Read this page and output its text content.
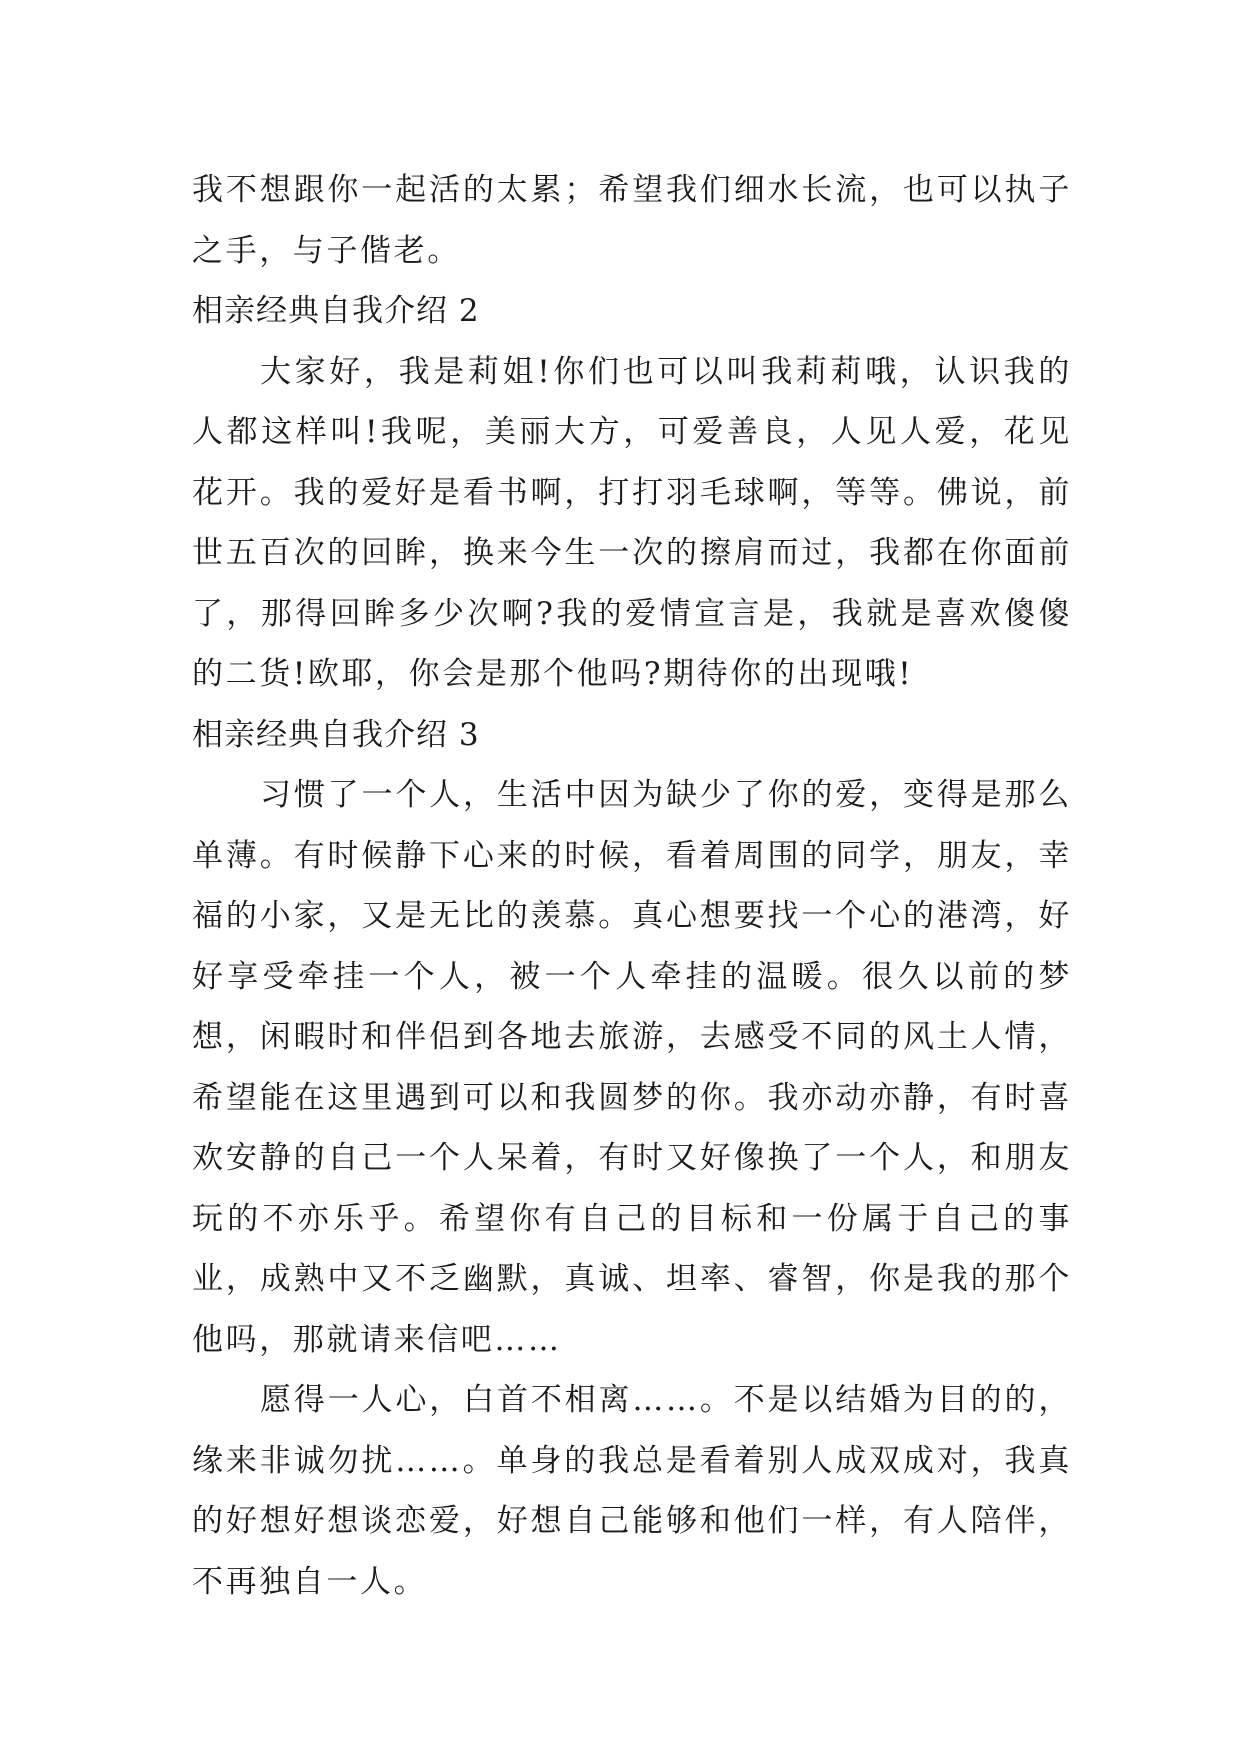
我不想跟你一起活的太累；希望我们细水长流，也可以执子之手，与子偕老。

相亲经典自我介绍 2

大家好，我是莉姐!你们也可以叫我莉莉哦，认识我的人都这样叫!我呢，美丽大方，可爱善良，人见人爱，花见花开。我的爱好是看书啊，打打羽毛球啊，等等。佛说，前世五百次的回眸，换来今生一次的擦肩而过，我都在你面前了，那得回眸多少次啊?我的爱情宣言是，我就是喜欢傻傻的二货!欧耶，你会是那个他吗?期待你的出现哦!

相亲经典自我介绍 3

习惯了一个人，生活中因为缺少了你的爱，变得是那么单薄。有时候静下心来的时候，看着周围的同学，朋友，幸福的小家，又是无比的羡慕。真心想要找一个心的港湾，好好享受牵挂一个人，被一个人牵挂的温暖。很久以前的梦想，闲暇时和伴侣到各地去旅游，去感受不同的风土人情，希望能在这里遇到可以和我圆梦的你。我亦动亦静，有时喜欢安静的自己一个人呆着，有时又好像换了一个人，和朋友玩的不亦乐乎。希望你有自己的目标和一份属于自己的事业，成熟中又不乏幽默，真诚、坦率、睿智，你是我的那个他吗，那就请来信吧……

愿得一人心，白首不相离……。不是以结婚为目的的，缘来非诚勿扰……。单身的我总是看着别人成双成对，我真的好想好想谈恋爱，好想自己能够和他们一样，有人陪伴，不再独自一人。
